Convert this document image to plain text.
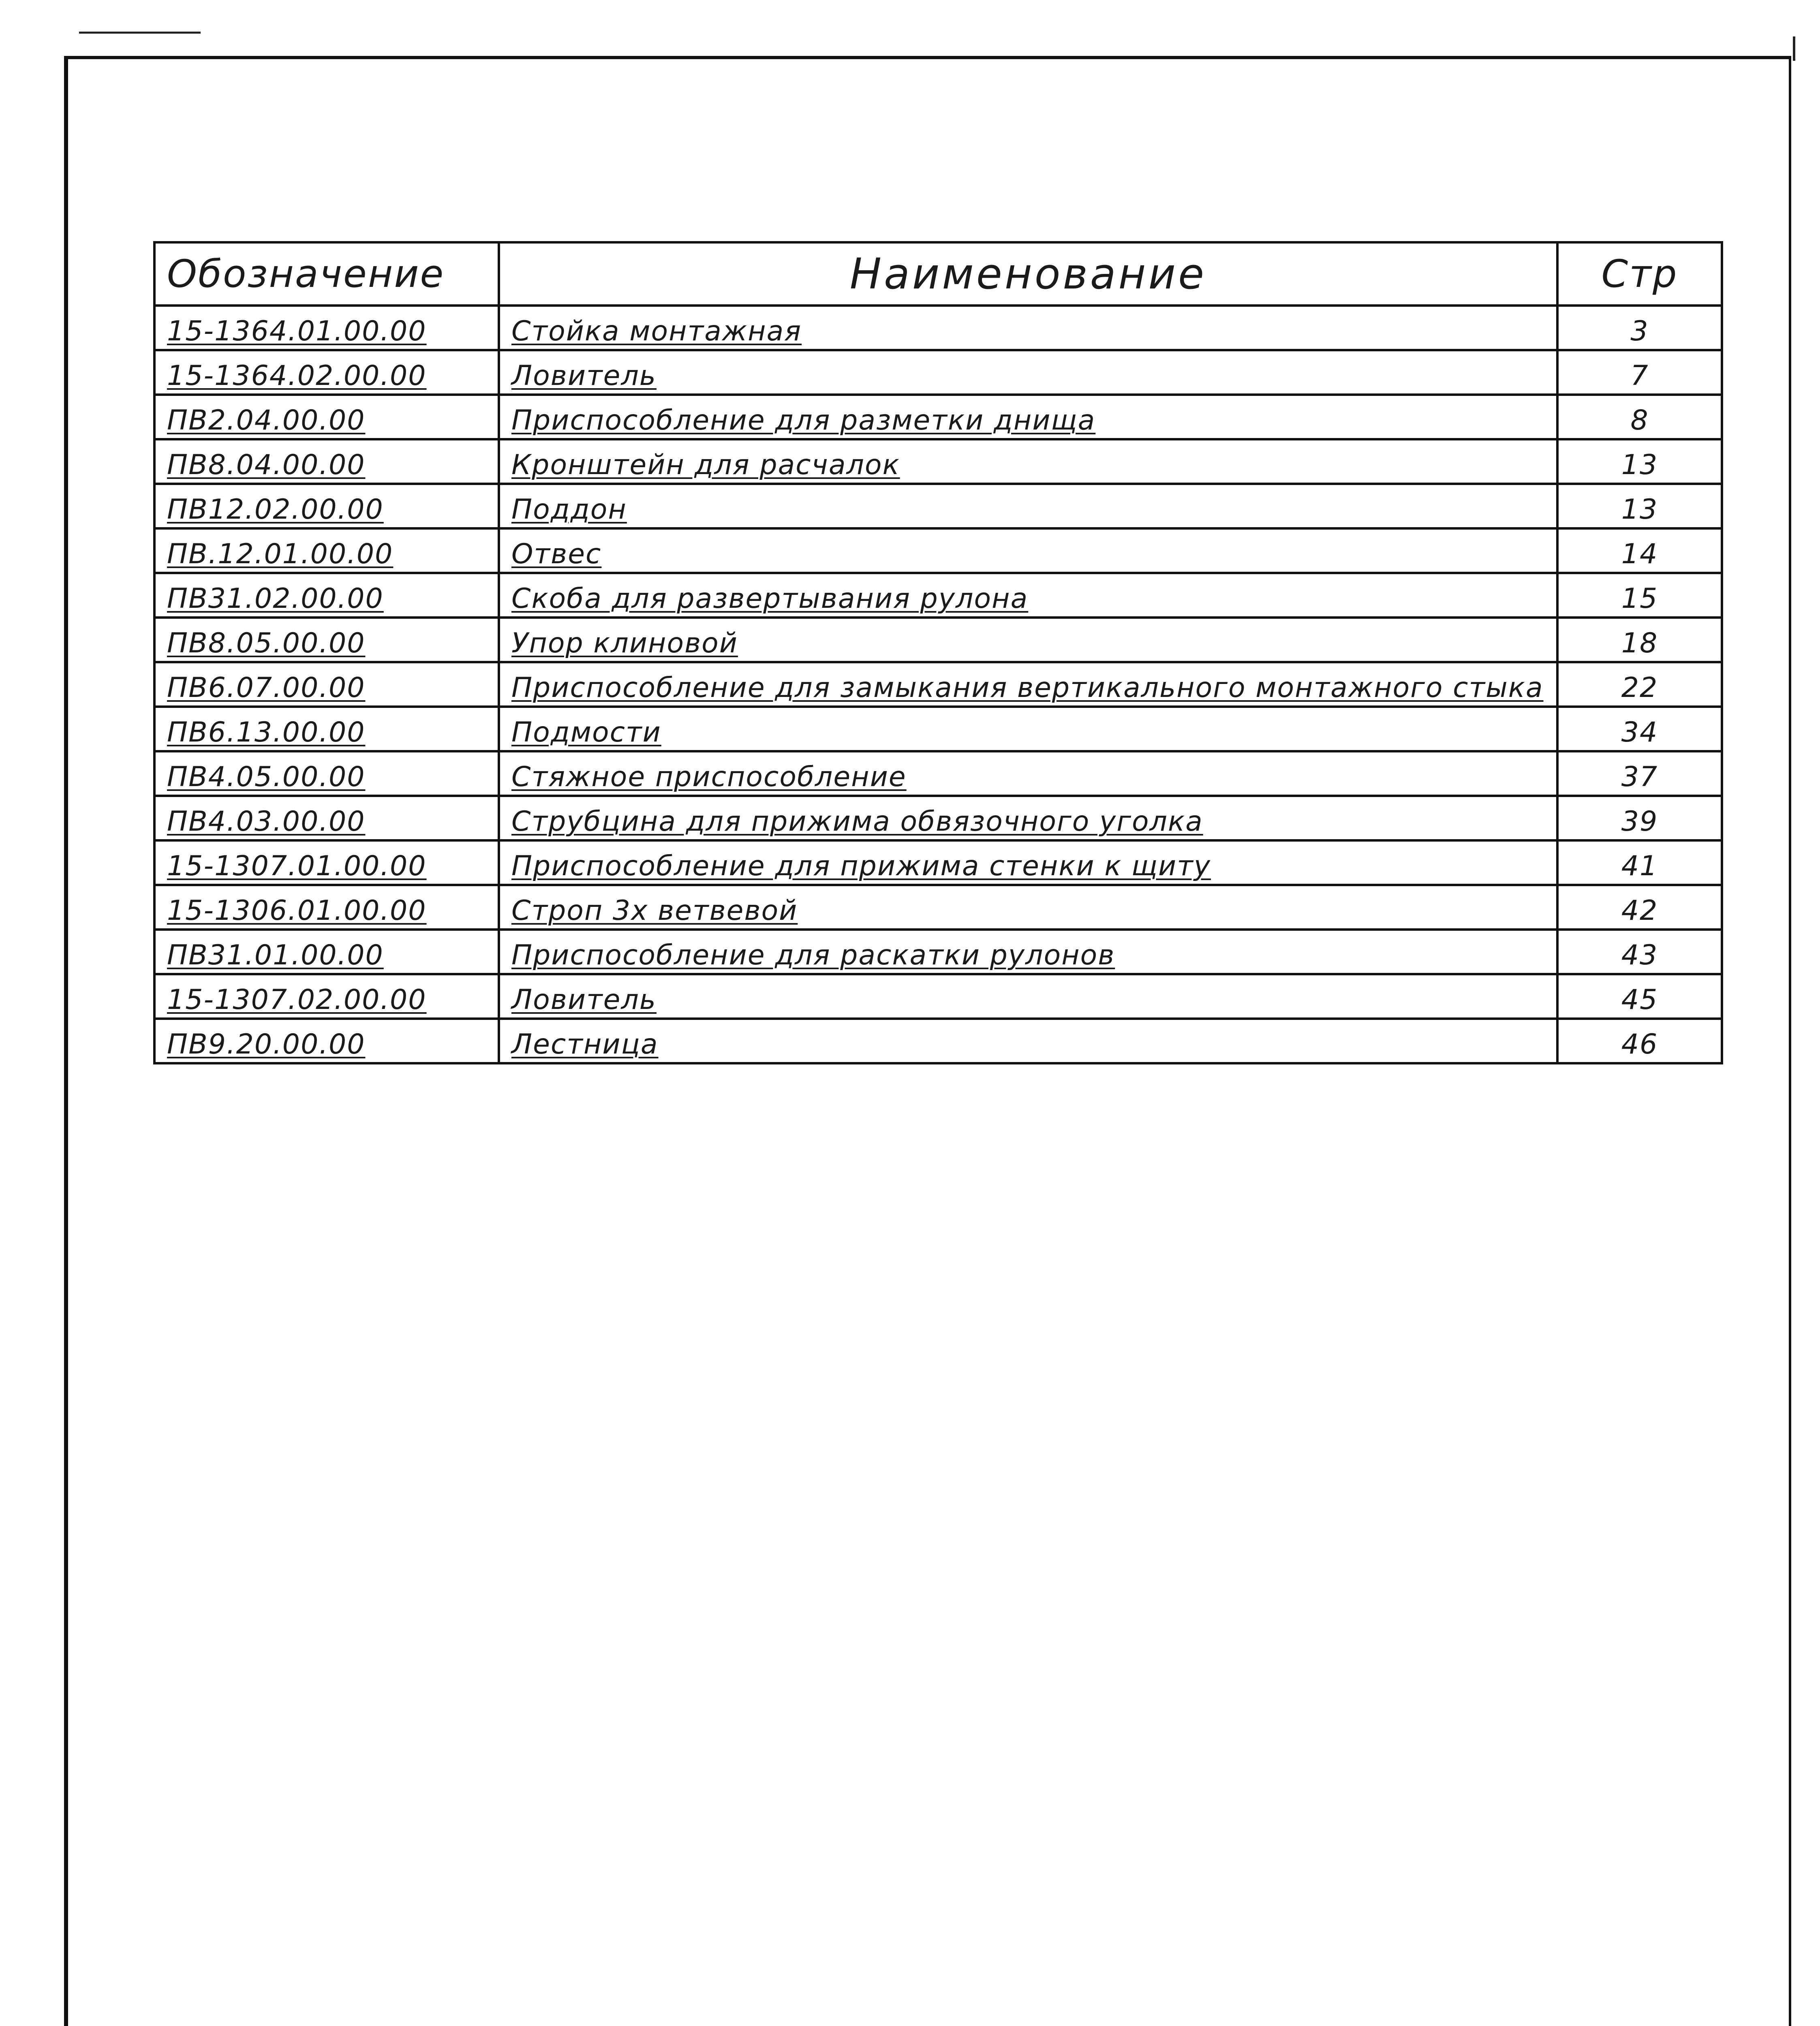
Обозначение	Наименование	Стр
15-1364.01.00.00	Стойка монтажная	3
15-1364.02.00.00	Ловитель	7
ПВ2.04.00.00	Приспособление для разметки днища	8
ПВ8.04.00.00	Кронштейн для расчалок	13
ПВ12.02.00.00	Поддон	13
ПВ.12.01.00.00	Отвес	14
ПВ31.02.00.00	Скоба для развертывания рулона	15
ПВ8.05.00.00	Упор клиновой	18
ПВ6.07.00.00	Приспособление для замыкания вертикального монтажного стыка	22
ПВ6.13.00.00	Подмости	34
ПВ4.05.00.00	Стяжное приспособление	37
ПВ4.03.00.00	Струбцина для прижима обвязочного уголка	39
15-1307.01.00.00	Приспособление для прижима стенки к щиту	41
15-1306.01.00.00	Строп 3х ветвевой	42
ПВ31.01.00.00	Приспособление для раскатки рулонов	43
15-1307.02.00.00	Ловитель	45
ПВ9.20.00.00	Лестница	46
